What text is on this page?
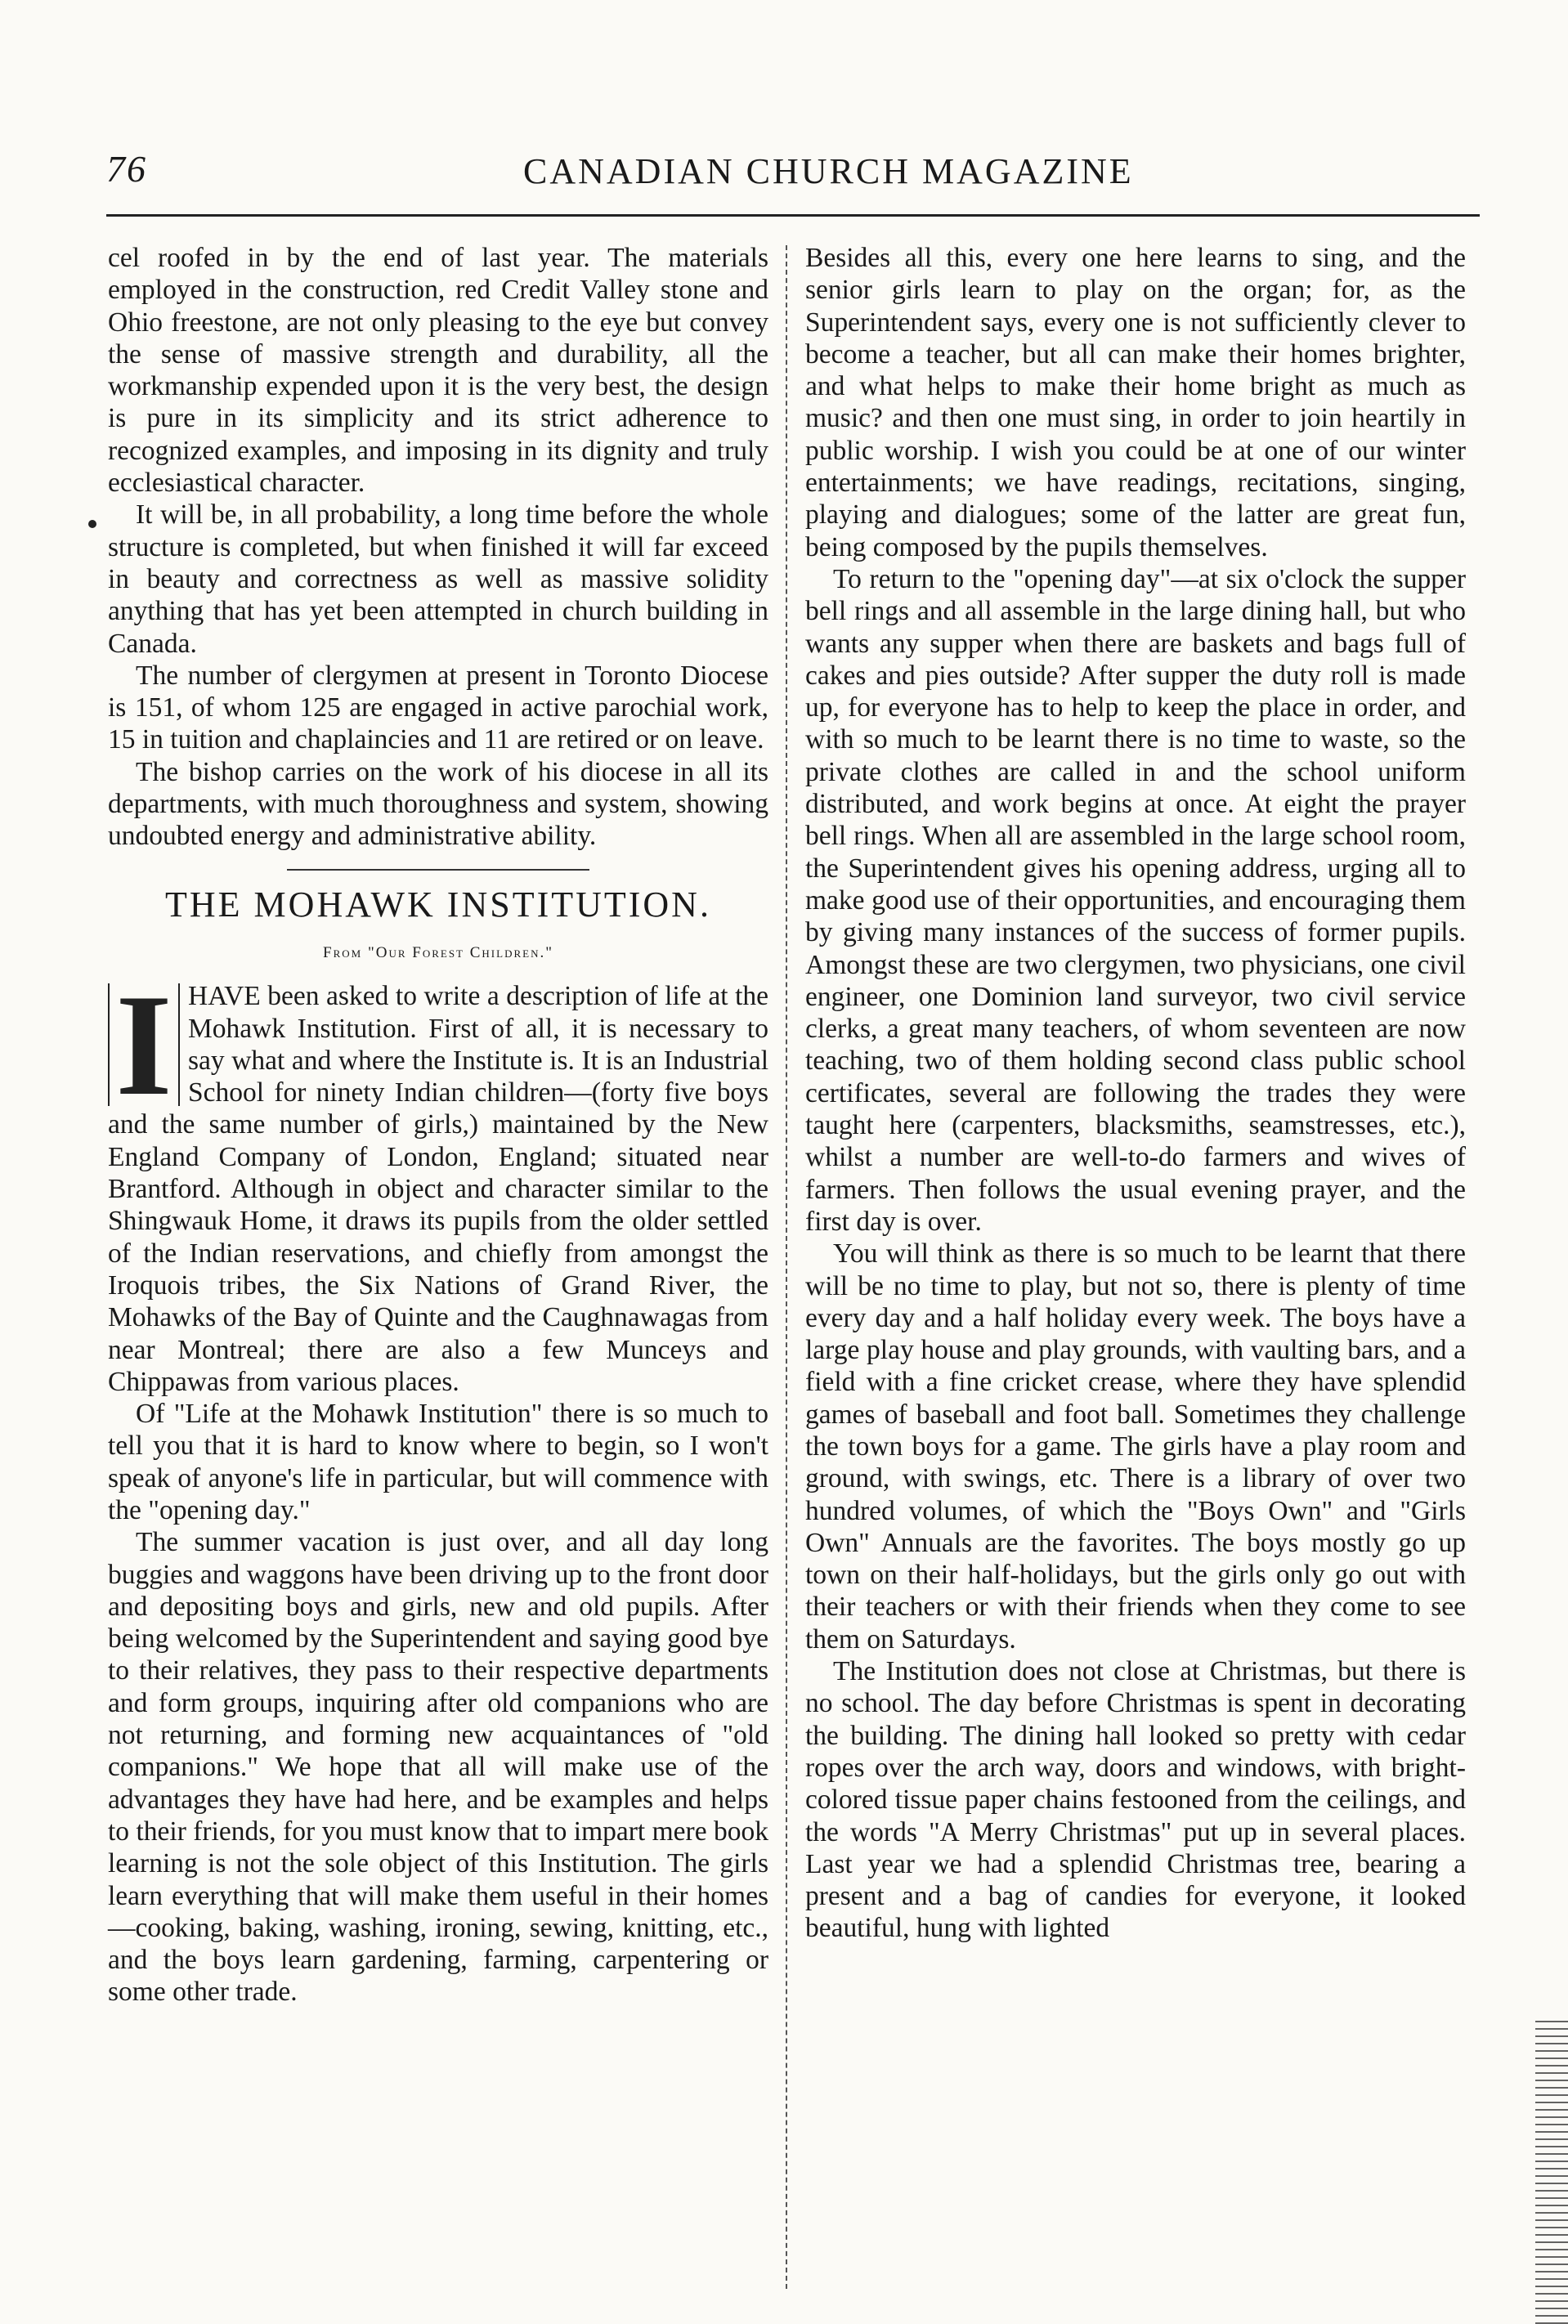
76	CANADIAN CHURCH MAGAZINE

cel roofed in by the end of last year. The materials employed in the construction, red Credit Valley stone and Ohio freestone, are not only pleasing to the eye but convey the sense of massive strength and durability, all the workmanship expended upon it is the very best, the design is pure in its simplicity and its strict adherence to recognized examples, and imposing in its dignity and truly ecclesiastical character.

It will be, in all probability, a long time before the whole structure is completed, but when finished it will far exceed in beauty and correctness as well as massive solidity anything that has yet been attempted in church building in Canada.

The number of clergymen at present in Toronto Diocese is 151, of whom 125 are engaged in active parochial work, 15 in tuition and chaplaincies and 11 are retired or on leave.

The bishop carries on the work of his diocese in all its departments, with much thoroughness and system, showing undoubted energy and administrative ability.

THE MOHAWK INSTITUTION.
From "Our Forest Children."

I HAVE been asked to write a description of life at the Mohawk Institution. First of all, it is necessary to say what and where the Institute is. It is an Industrial School for ninety Indian children—(forty five boys and the same number of girls,) maintained by the New England Company of London, England; situated near Brantford. Although in object and character similar to the Shingwauk Home, it draws its pupils from the older settled of the Indian reservations, and chiefly from amongst the Iroquois tribes, the Six Nations of Grand River, the Mohawks of the Bay of Quinte and the Caughnawagas from near Montreal; there are also a few Munceys and Chippawas from various places.

Of "Life at the Mohawk Institution" there is so much to tell you that it is hard to know where to begin, so I won't speak of anyone's life in particular, but will commence with the "opening day."

The summer vacation is just over, and all day long buggies and waggons have been driving up to the front door and depositing boys and girls, new and old pupils. After being welcomed by the Superintendent and saying good bye to their relatives, they pass to their respective departments and form groups, inquiring after old companions who are not returning, and forming new acquaintances of "old companions." We hope that all will make use of the advantages they have had here, and be examples and helps to their friends, for you must know that to impart mere book learning is not the sole object of this Institution. The girls learn everything that will make them useful in their homes—cooking, baking, washing, ironing, sewing, knitting, etc., and the boys learn gardening, farming, carpentering or some other trade.

Besides all this, every one here learns to sing, and the senior girls learn to play on the organ; for, as the Superintendent says, every one is not sufficiently clever to become a teacher, but all can make their homes brighter, and what helps to make their home bright as much as music? and then one must sing, in order to join heartily in public worship. I wish you could be at one of our winter entertainments; we have readings, recitations, singing, playing and dialogues; some of the latter are great fun, being composed by the pupils themselves.

To return to the "opening day"—at six o'clock the supper bell rings and all assemble in the large dining hall, but who wants any supper when there are baskets and bags full of cakes and pies outside? After supper the duty roll is made up, for everyone has to help to keep the place in order, and with so much to be learnt there is no time to waste, so the private clothes are called in and the school uniform distributed, and work begins at once. At eight the prayer bell rings. When all are assembled in the large school room, the Superintendent gives his opening address, urging all to make good use of their opportunities, and encouraging them by giving many instances of the success of former pupils. Amongst these are two clergymen, two physicians, one civil engineer, one Dominion land surveyor, two civil service clerks, a great many teachers, of whom seventeen are now teaching, two of them holding second class public school certificates, several are following the trades they were taught here (carpenters, blacksmiths, seamstresses, etc.), whilst a number are well-to-do farmers and wives of farmers. Then follows the usual evening prayer, and the first day is over.

You will think as there is so much to be learnt that there will be no time to play, but not so, there is plenty of time every day and a half holiday every week. The boys have a large play house and play grounds, with vaulting bars, and a field with a fine cricket crease, where they have splendid games of baseball and foot ball. Sometimes they challenge the town boys for a game. The girls have a play room and ground, with swings, etc. There is a library of over two hundred volumes, of which the "Boys Own" and "Girls Own" Annuals are the favorites. The boys mostly go up town on their half-holidays, but the girls only go out with their teachers or with their friends when they come to see them on Saturdays.

The Institution does not close at Christmas, but there is no school. The day before Christmas is spent in decorating the building. The dining hall looked so pretty with cedar ropes over the arch way, doors and windows, with bright-colored tissue paper chains festooned from the ceilings, and the words "A Merry Christmas" put up in several places. Last year we had a splendid Christmas tree, bearing a present and a bag of candies for everyone, it looked beautiful, hung with lighted
